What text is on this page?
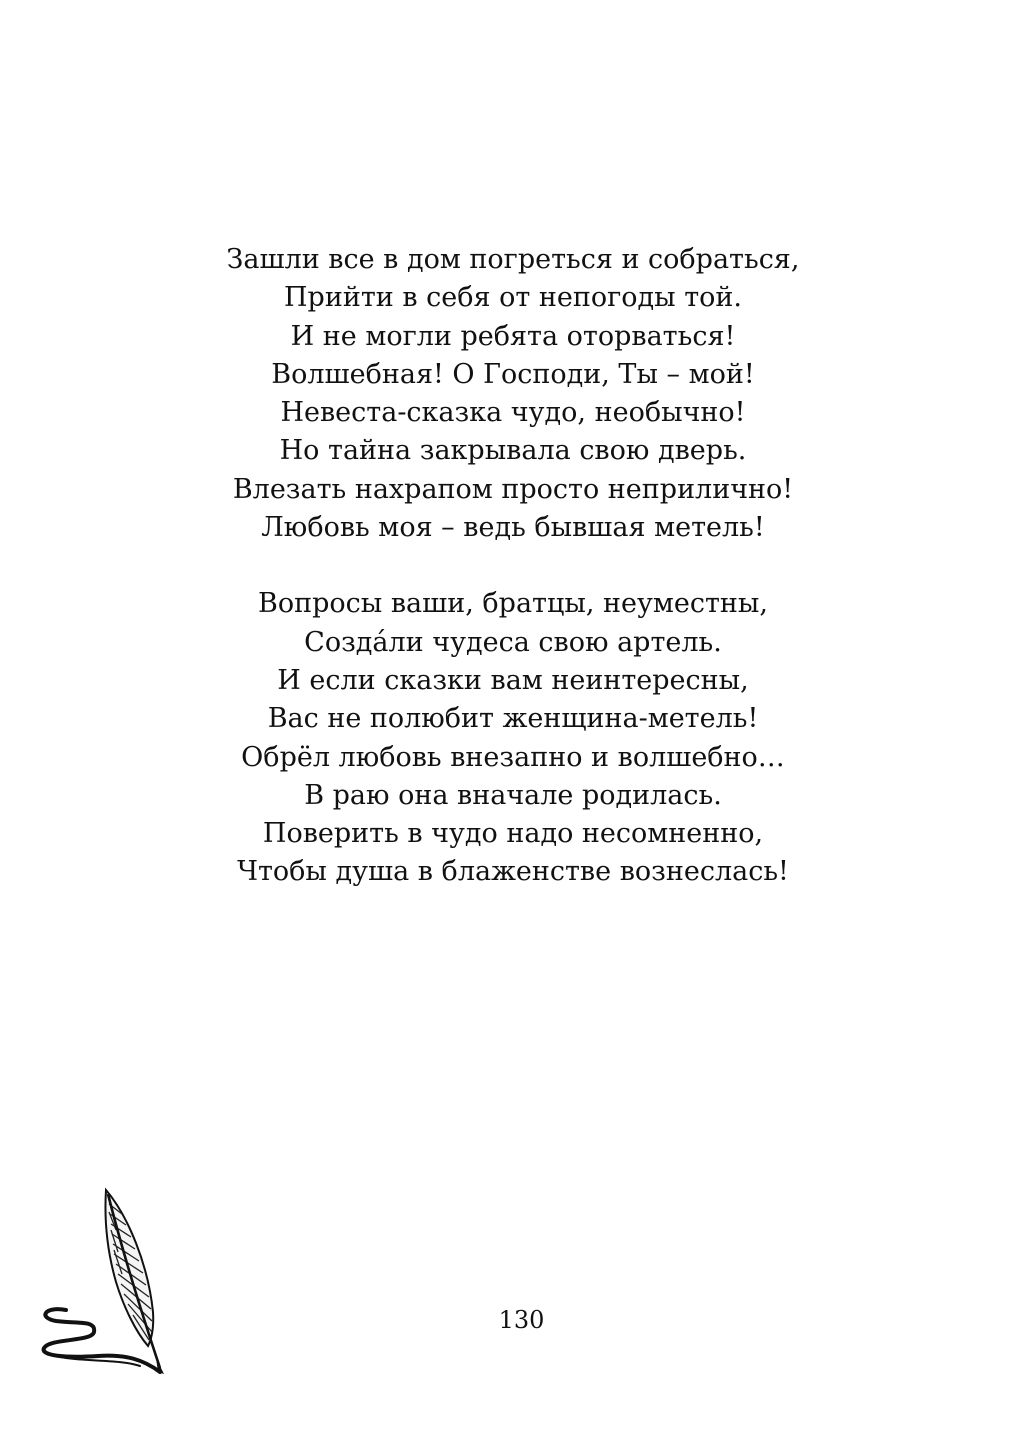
Зашли все в дом погреться и собраться,
Прийти в себя от непогоды той.
И не могли ребята оторваться!
Волшебная! О Господи, Ты – мой!
Невеста-сказка чудо, необычно!
Но тайна закрывала свою дверь.
Влезать нахрапом просто неприлично!
Любовь моя – ведь бывшая метель!
Вопросы ваши, братцы, неуместны,
Созда́ли чудеса свою артель.
И если сказки вам неинтересны,
Вас не полюбит женщина-метель!
Обрёл любовь внезапно и волшебно…
В раю она вначале родилась.
Поверить в чудо надо несомненно,
Чтобы душа в блаженстве вознеслась!
130
